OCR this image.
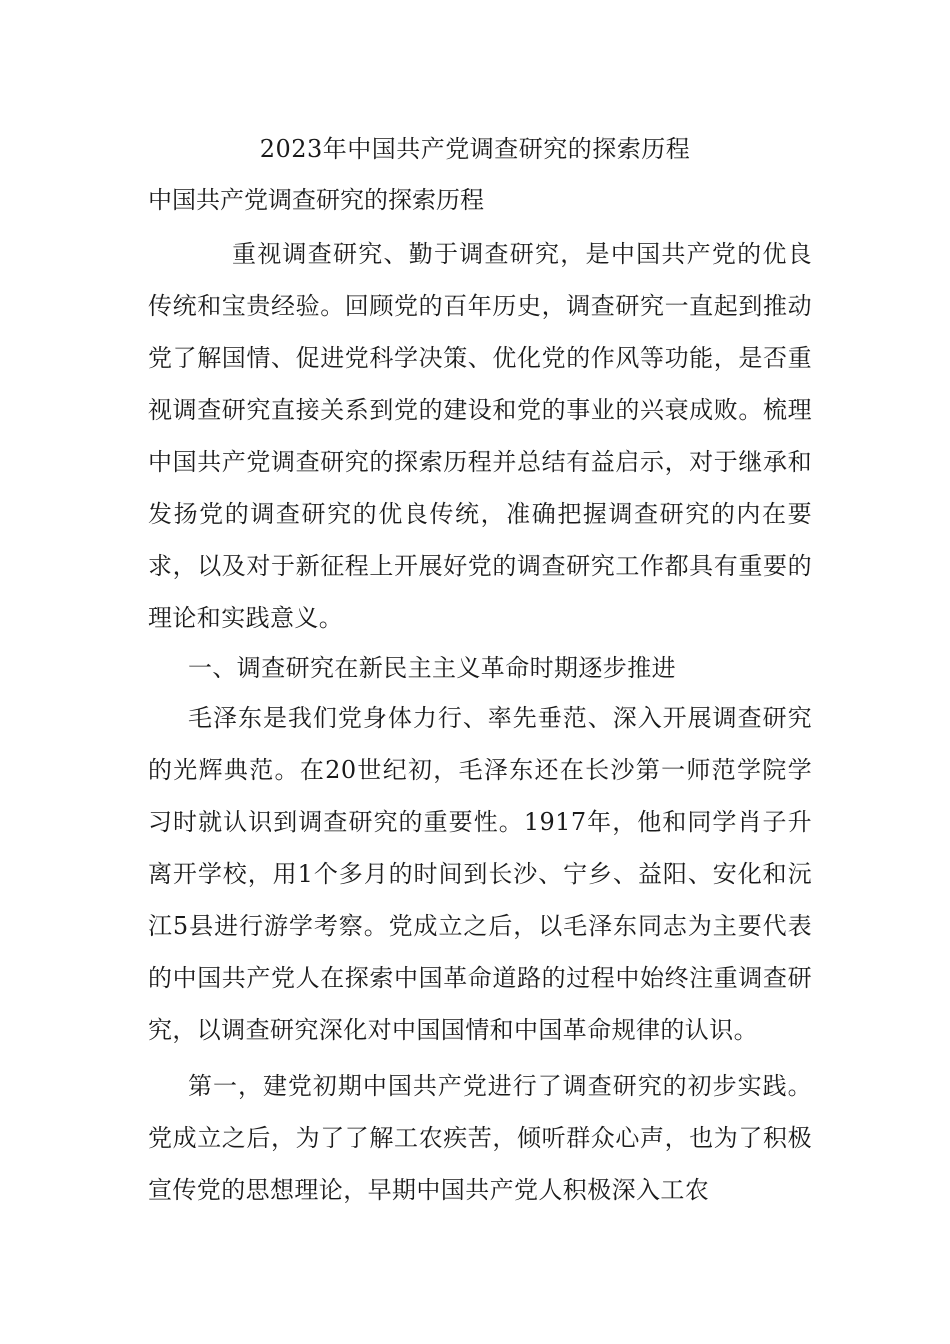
2023年中国共产党调查研究的探索历程
中国共产党调查研究的探索历程

重视调查研究、勤于调查研究，是中国共产党的优良传统和宝贵经验。回顾党的百年历史，调查研究一直起到推动党了解国情、促进党科学决策、优化党的作风等功能，是否重视调查研究直接关系到党的建设和党的事业的兴衰成败。梳理中国共产党调查研究的探索历程并总结有益启示，对于继承和发扬党的调查研究的优良传统，准确把握调查研究的内在要求，以及对于新征程上开展好党的调查研究工作都具有重要的理论和实践意义。

一、调查研究在新民主主义革命时期逐步推进

毛泽东是我们党身体力行、率先垂范、深入开展调查研究的光辉典范。在20世纪初，毛泽东还在长沙第一师范学院学习时就认识到调查研究的重要性。1917年，他和同学肖子升离开学校，用1个多月的时间到长沙、宁乡、益阳、安化和沅江5县进行游学考察。党成立之后，以毛泽东同志为主要代表的中国共产党人在探索中国革命道路的过程中始终注重调查研究，以调查研究深化对中国国情和中国革命规律的认识。

第一，建党初期中国共产党进行了调查研究的初步实践。党成立之后，为了了解工农疾苦，倾听群众心声，也为了积极宣传党的思想理论，早期中国共产党人积极深入工农
